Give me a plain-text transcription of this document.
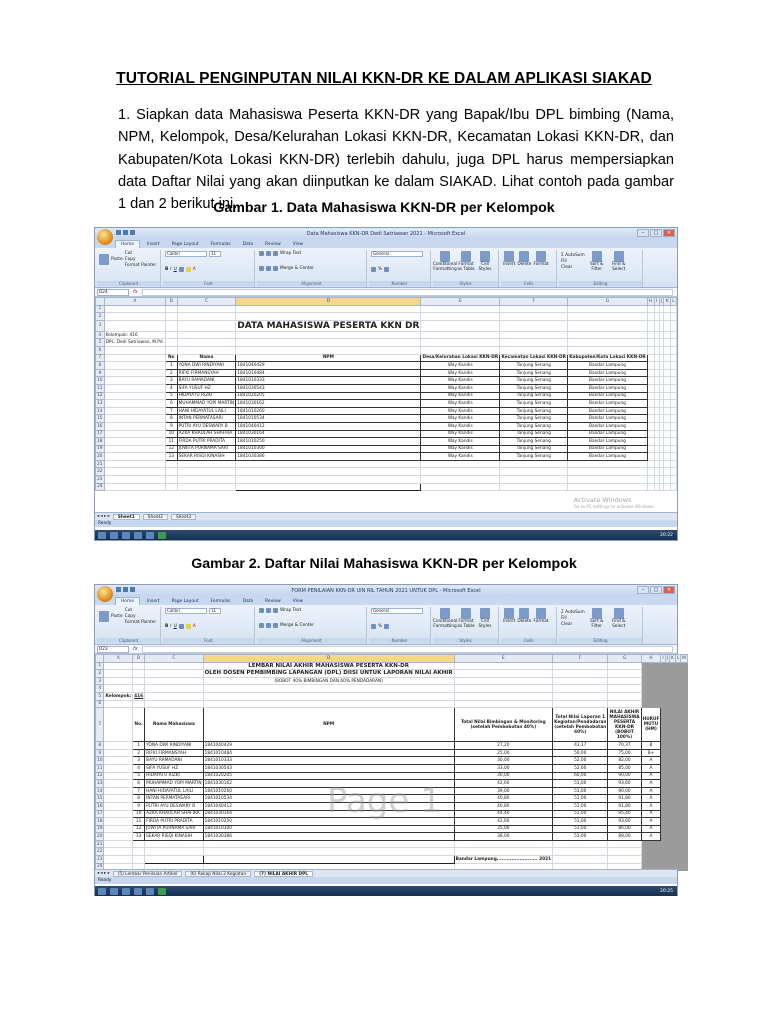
TUTORIAL PENGINPUTAN NILAI KKN-DR KE DALAM APLIKASI SIAKAD
1. Siapkan data Mahasiswa Peserta KKN-DR yang Bapak/Ibu DPL bimbing (Nama, NPM, Kelompok, Desa/Kelurahan Lokasi KKN-DR, Kecamatan Lokasi KKN-DR, dan Kabupaten/Kota Lokasi KKN-DR) terlebih dahulu, juga DPL harus mempersiapkan data Daftar Nilai yang akan diinputkan ke dalam SIAKAD. Lihat contoh pada gambar 1 dan 2 berikut ini.
Gambar 1. Data Mahasiswa KKN-DR per Kelompok
Data Mahasiswa KKN-DR Dedi Satriawan 2021 - Microsoft Excel	–	□	×
Home	Insert	Page Layout	Formulas	Data	Review	View
Paste
Cut
Copy
Format Painter
Clipboard
Calibri	11
B I U	A
Font
Wrap Text
Merge & Center
Alignment
General
%
Number
Conditional Formatting
Format as Table
Cell Styles
Styles
Insert Delete Format
Cells
Σ AutoSum
Fill
Clear
Sort & Filter
Find & Select
Editing
D24	fx
	A	B	C	D	E	F	G	H	I	J	K	L
1												
2												
3				DATA MAHASISWA PESERTA KKN DR								
4	Kelompok: 416											
5	DPL: Dedi Satriawan, M.Pd.											
6												
7		No	Nama	NPM	Desa/Kelurahan Lokasi KKN-DR	Kecamatan Lokasi KKN-DR	Kabupaten/Kota Lokasi KKN-DR					
8		1	YONA DWI RINDIYANI	1841040429	Way Kandis	Tanjung Senang	Bandar Lampung					
9		2	RIFKI FIRMANSYAH	1841010484	Way Kandis	Tanjung Senang	Bandar Lampung					
10		3	BAYU RAMADANI	1841010333	Way Kandis	Tanjung Senang	Bandar Lampung					
11		4	SIFA YUSUF HZ	1841030543	Way Kandis	Tanjung Senang	Bandar Lampung					
12		5	HIDAYATU RIZKI	1841020205	Way Kandis	Tanjung Senang	Bandar Lampung					
13		6	MUHAMMAD YOPI MARTIN	1841030162	Way Kandis	Tanjung Senang	Bandar Lampung					
14		7	HANI HIDAYATUL LAILI	1841010260	Way Kandis	Tanjung Senang	Bandar Lampung					
15		8	INTAN PERMATASARI	1841010534	Way Kandis	Tanjung Senang	Bandar Lampung					
16		9	PUTRI AYU DESWARY B	1841040412	Way Kandis	Tanjung Senang	Bandar Lampung					
17		10	AZKA KHAULAH SHAFIRA	1841030164	Way Kandis	Tanjung Senang	Bandar Lampung					
18		11	FIRDA PUTRI PRADITA	1841010250	Way Kandis	Tanjung Senang	Bandar Lampung					
19		12	JUWITA PURNAMA SARI	1841010300	Way Kandis	Tanjung Senang	Bandar Lampung					
20		13	SEKAR RISQI KINASIH	1841030386	Way Kandis	Tanjung Senang	Bandar Lampung					
21												
22												
23												
24												
Activate Windows
Go to PC settings to activate Windows.
◂ ◂ ▸ ▸	Sheet1	Sheet2	Sheet3
Ready
20:22
Gambar 2. Daftar Nilai Mahasiswa KKN-DR per Kelompok
FORM PENILAIAN KKN-DR UIN RIL TAHUN 2021 UNTUK DPL - Microsoft Excel	–	□	×
Home	Insert	Page Layout	Formulas	Data	Review	View
Paste
Cut
Copy
Format Painter
Clipboard
Calibri	11
B I U	A
Font
Wrap Text
Merge & Center
Alignment
General
%
Number
Conditional Formatting
Format as Table
Cell Styles
Styles
Insert Delete Format
Cells
Σ AutoSum
Fill
Clear
Sort & Filter
Find & Select
Editing
D23	fx
	A	B	C	D	E	F	G	H	I	J	K	L	M
1				LEMBAR NILAI AKHIR MAHASISWA PESERTA KKN-DR									
2				OLEH DOSEN PEMBIMBING LAPANGAN (DPL) DIISI UNTUK LAPORAN NILAI AKHIR									
3				(BOBOT 40% BIMBINGAN DAN 60% PENDADARAN)									
4													
5	Kelompok:	416											
6													
7		No.	Nama Mahasiswa	NPM	Total Nilai Bimbingan & Monitoring (setelah Pembobotan 40%)	Total Nilai Laporan 1 Kegiatan/Pendadaran (setelah Pembobotan 60%)	NILAI AKHIR MAHASISWA PESERTA KKN-DR (BOBOT 100%)	HURUF MUTU (HM)					
8		1	YONA DWI RINDIYANI	1841040429	27,20	43,17	70,37	B					
9		2	RIFKI FIRMANSYAH	1841010484	25,00	50,00	75,00	B+					
10		3	BAYU RAMADANI	1841010333	30,00	52,00	82,00	A					
11		4	SIFA YUSUF HZ	1841030543	33,00	52,00	85,00	A					
12		5	HIDAYATU RIZKI	1841020205	30,00	60,00	90,00	A					
13		6	MUHAMMAD YOPI MARTIN	1841030162	42,60	51,00	93,60	A					
14		7	HANI HIDAYATUL LAILI	1841010260	39,00	51,00	90,00	A					
15		8	INTAN PERMATASARI	1841010534	40,80	51,00	91,80	A					
16		9	PUTRI AYU DESWARY B	1841040412	40,80	51,00	91,80	A					
17		10	AZKA KHAULAH SHAFIRA	1841030164	44,40	51,00	95,40	A					
18		11	FIRDA PUTRI PRADITA	1841010250	42,60	51,00	93,60	A					
19		12	JUWITA PURNAMA SARI	1841010300	35,00	51,00	86,00	A					
20		13	SEKAR RISQI KINASIH	1841030386	38,00	51,00	89,00	A					
21													
22													
23					Bandar Lampung,........................ 2021								
24													
Page 1
◂ ◂ ▸ ▸	(5) Lembar Penilaian Artikel	(6) Rekap Nilai 2 Kegiatan	(7) NILAI AKHIR DPL
Ready
20:25
